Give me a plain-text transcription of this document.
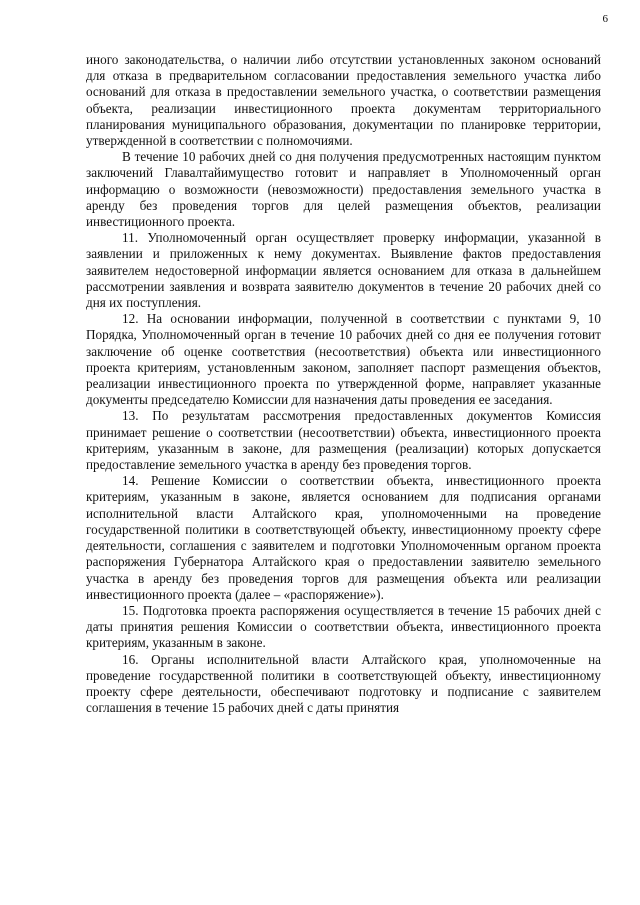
6

иного законодательства, о наличии либо отсутствии установленных законом оснований для отказа в предварительном согласовании предоставления земельного участка либо оснований для отказа в предоставлении земельного участка, о соответствии размещения объекта, реализации инвестиционного проекта документам территориального планирования муниципального образования, документации по планировке территории, утвержденной в соответствии с полномочиями.

В течение 10 рабочих дней со дня получения предусмотренных настоящим пунктом заключений Главалтайимущество готовит и направляет в Уполномоченный орган информацию о возможности (невозможности) предоставления земельного участка в аренду без проведения торгов для целей размещения объектов, реализации инвестиционного проекта.

11. Уполномоченный орган осуществляет проверку информации, указанной в заявлении и приложенных к нему документах. Выявление фактов предоставления заявителем недостоверной информации является основанием для отказа в дальнейшем рассмотрении заявления и возврата заявителю документов в течение 20 рабочих дней со дня их поступления.

12. На основании информации, полученной в соответствии с пунктами 9, 10 Порядка, Уполномоченный орган в течение 10 рабочих дней со дня ее получения готовит заключение об оценке соответствия (несоответствия) объекта или инвестиционного проекта критериям, установленным законом, заполняет паспорт размещения объектов, реализации инвестиционного проекта по утвержденной форме, направляет указанные документы председателю Комиссии для назначения даты проведения ее заседания.

13. По результатам рассмотрения предоставленных документов Комиссия принимает решение о соответствии (несоответствии) объекта, инвестиционного проекта критериям, указанным в законе, для размещения (реализации) которых допускается предоставление земельного участка в аренду без проведения торгов.

14. Решение Комиссии о соответствии объекта, инвестиционного проекта критериям, указанным в законе, является основанием для подписания органами исполнительной власти Алтайского края, уполномоченными на проведение государственной политики в соответствующей объекту, инвестиционному проекту сфере деятельности, соглашения с заявителем и подготовки Уполномоченным органом проекта распоряжения Губернатора Алтайского края о предоставлении заявителю земельного участка в аренду без проведения торгов для размещения объекта или реализации инвестиционного проекта (далее – «распоряжение»).

15. Подготовка проекта распоряжения осуществляется в течение 15 рабочих дней с даты принятия решения Комиссии о соответствии объекта, инвестиционного проекта критериям, указанным в законе.

16. Органы исполнительной власти Алтайского края, уполномоченные на проведение государственной политики в соответствующей объекту, инвестиционному проекту сфере деятельности, обеспечивают подготовку и подписание с заявителем соглашения в течение 15 рабочих дней с даты принятия
